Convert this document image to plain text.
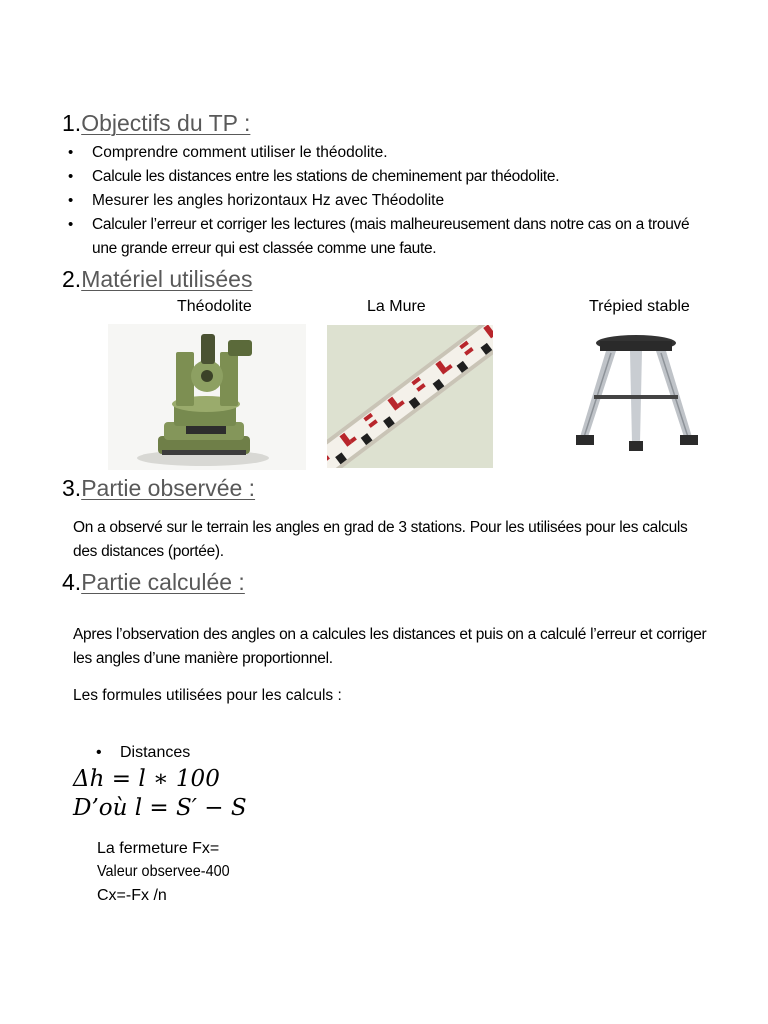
1.Objectifs du TP :
• Comprendre comment utiliser le théodolite.
• Calcule les distances entre les stations de cheminement par théodolite.
• Mesurer les angles horizontaux Hz avec Théodolite
• Calculer l’erreur et corriger les lectures (mais malheureusement dans notre cas on a trouvé une grande erreur qui est classée comme une faute.
2.Matériel utilisées
Théodolite	La Mure	Trépied stable
3.Partie observée :

On a observé sur le terrain les angles en grad de 3 stations. Pour les utilisées pour les calculs des distances (portée).

4.Partie calculée :

Apres l’observation des angles on a calcules les distances et puis on a calculé l’erreur et corriger les angles d’une manière proportionnel.

Les formules utilisées pour les calculs :

• Distances
Δh = l ∗ 100
D’où l = S′ − S
La fermeture Fx=
Valeur observee-400
Cx=-Fx /n
